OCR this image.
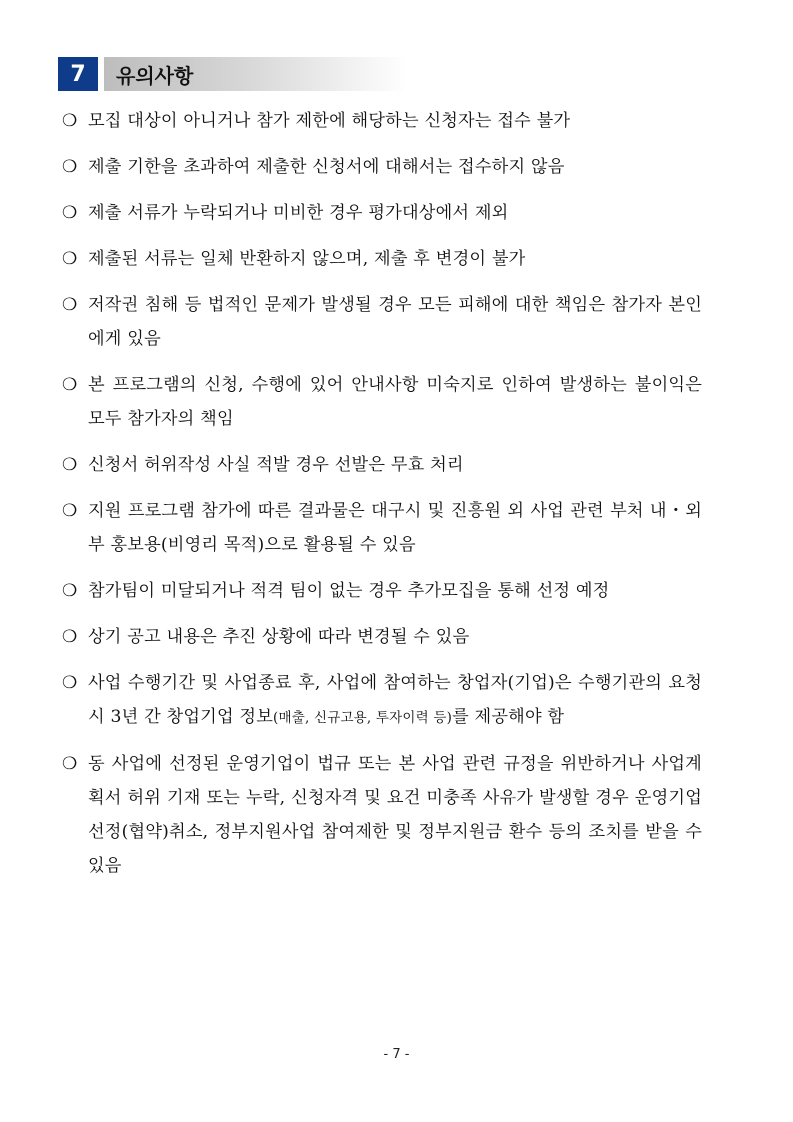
7	유의사항
❍ 모집 대상이 아니거나 참가 제한에 해당하는 신청자는 접수 불가
❍ 제출 기한을 초과하여 제출한 신청서에 대해서는 접수하지 않음
❍ 제출 서류가 누락되거나 미비한 경우 평가대상에서 제외
❍ 제출된 서류는 일체 반환하지 않으며, 제출 후 변경이 불가
❍ 저작권 침해 등 법적인 문제가 발생될 경우 모든 피해에 대한 책임은 참가자 본인에게 있음
❍ 본 프로그램의 신청, 수행에 있어 안내사항 미숙지로 인하여 발생하는 불이익은 모두 참가자의 책임
❍ 신청서 허위작성 사실 적발 경우 선발은 무효 처리
❍ 지원 프로그램 참가에 따른 결과물은 대구시 및 진흥원 외 사업 관련 부처 내・외부 홍보용(비영리 목적)으로 활용될 수 있음
❍ 참가팀이 미달되거나 적격 팀이 없는 경우 추가모집을 통해 선정 예정
❍ 상기 공고 내용은 추진 상황에 따라 변경될 수 있음
❍ 사업 수행기간 및 사업종료 후, 사업에 참여하는 창업자(기업)은 수행기관의 요청 시 3년 간 창업기업 정보(매출, 신규고용, 투자이력 등)를 제공해야 함
❍ 동 사업에 선정된 운영기업이 법규 또는 본 사업 관련 규정을 위반하거나 사업계획서 허위 기재 또는 누락, 신청자격 및 요건 미충족 사유가 발생할 경우 운영기업 선정(협약)취소, 정부지원사업 참여제한 및 정부지원금 환수 등의 조치를 받을 수 있음
- 7 -
